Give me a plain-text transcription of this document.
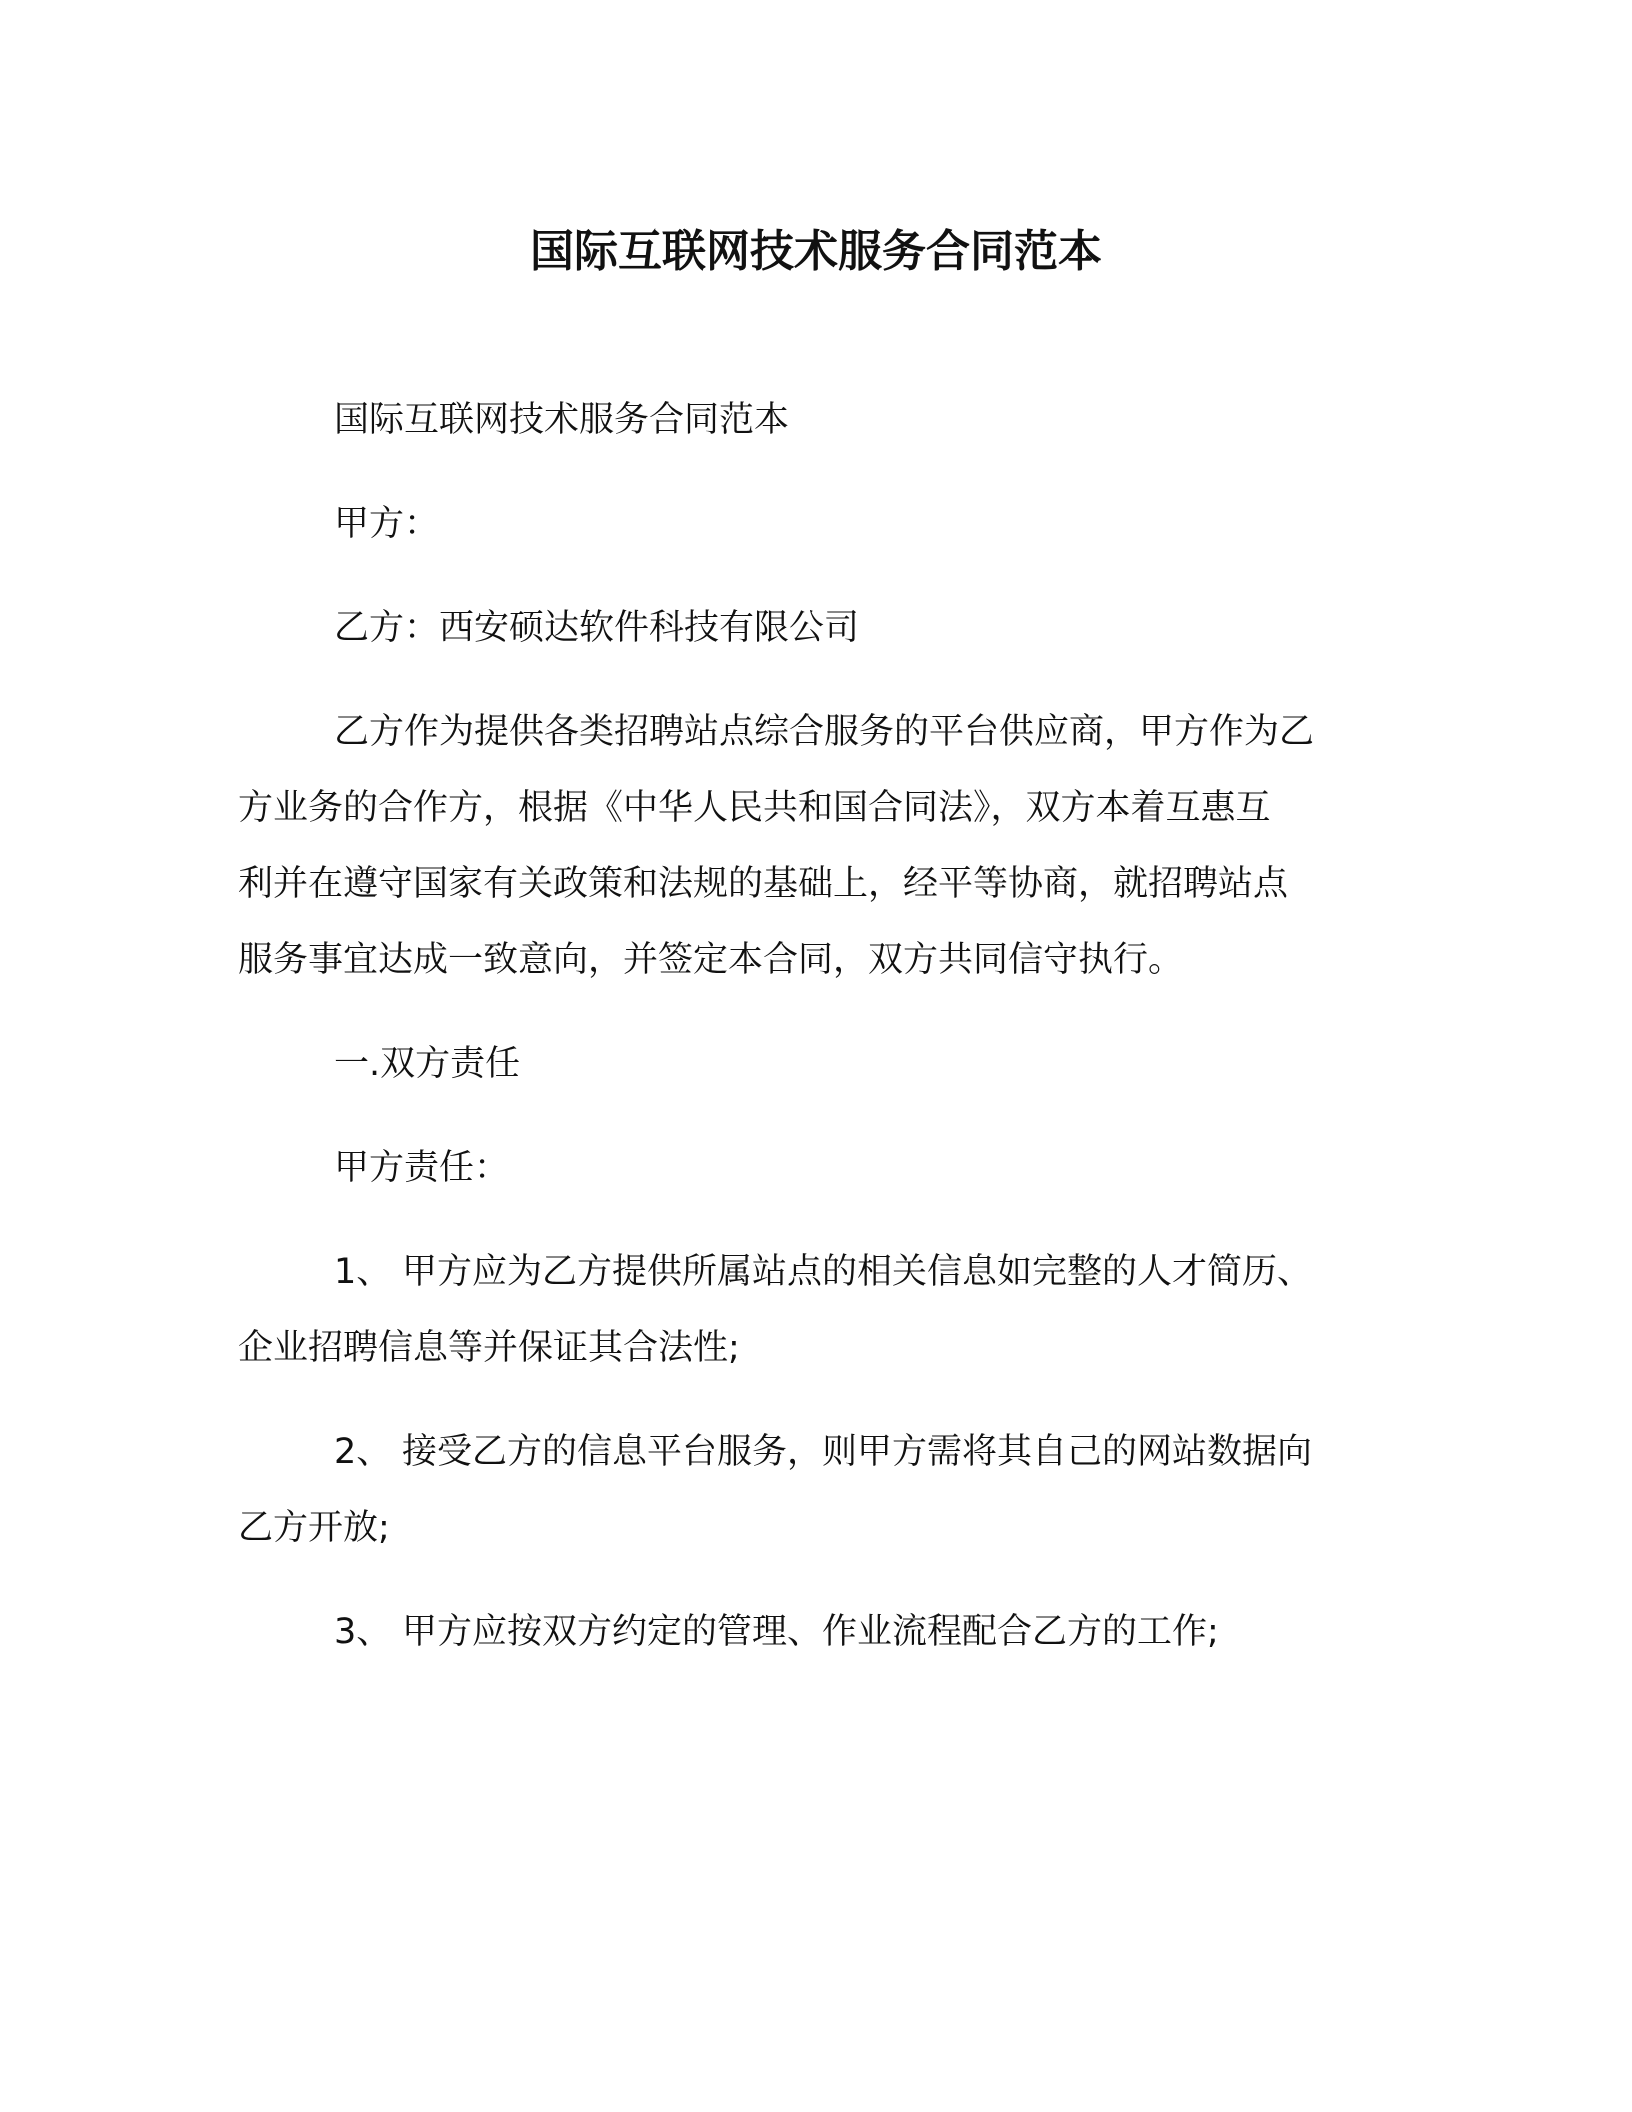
国际互联网技术服务合同范本
国际互联网技术服务合同范本
甲方：
乙方：西安硕达软件科技有限公司
乙方作为提供各类招聘站点综合服务的平台供应商，甲方作为乙
方业务的合作方，根据《中华人民共和国合同法》，双方本着互惠互
利并在遵守国家有关政策和法规的基础上，经平等协商，就招聘站点
服务事宜达成一致意向，并签定本合同，双方共同信守执行。
一.双方责任
甲方责任：
1、 甲方应为乙方提供所属站点的相关信息如完整的人才简历、
企业招聘信息等并保证其合法性;
2、 接受乙方的信息平台服务，则甲方需将其自己的网站数据向
乙方开放;
3、 甲方应按双方约定的管理、作业流程配合乙方的工作;
